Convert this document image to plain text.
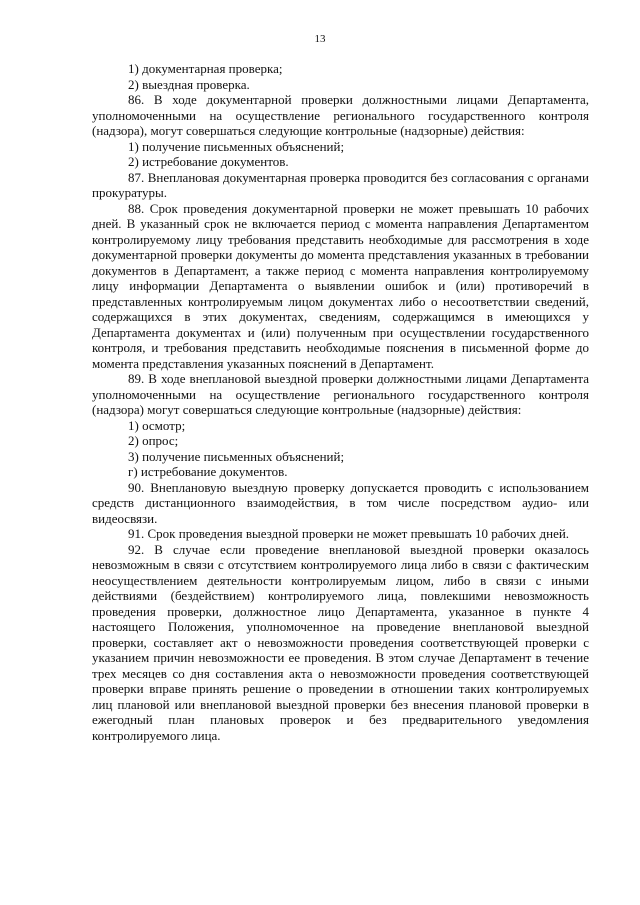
13

1) документарная проверка;

2) выездная проверка.

86. В ходе документарной проверки должностными лицами Департамента, уполномоченными на осуществление регионального государственного контроля (надзора), могут совершаться следующие контрольные (надзорные) действия:

1) получение письменных объяснений;

2) истребование документов.

87. Внеплановая документарная проверка проводится без согласования с органами прокуратуры.

88. Срок проведения документарной проверки не может превышать 10 рабочих дней. В указанный срок не включается период с момента направления Департаментом контролируемому лицу требования представить необходимые для рассмотрения в ходе документарной проверки документы до момента представления указанных в требовании документов в Департамент, а также период с момента направления контролируемому лицу информации Департамента о выявлении ошибок и (или) противоречий в представленных контролируемым лицом документах либо о несоответствии сведений, содержащихся в этих документах, сведениям, содержащимся в имеющихся у Департамента документах и (или) полученным при осуществлении государственного контроля, и требования представить необходимые пояснения в письменной форме до момента представления указанных пояснений в Департамент.

89. В ходе внеплановой выездной проверки должностными лицами Департамента уполномоченными на осуществление регионального государственного контроля (надзора) могут совершаться следующие контрольные (надзорные) действия:

1) осмотр;

2) опрос;

3) получение письменных объяснений;

г) истребование документов.

90. Внеплановую выездную проверку допускается проводить с использованием средств дистанционного взаимодействия, в том числе посредством аудио- или видеосвязи.

91. Срок проведения выездной проверки не может превышать 10 рабочих дней.

92. В случае если проведение внеплановой выездной проверки оказалось невозможным в связи с отсутствием контролируемого лица либо в связи с фактическим неосуществлением деятельности контролируемым лицом, либо в связи с иными действиями (бездействием) контролируемого лица, повлекшими невозможность проведения проверки, должностное лицо Департамента, указанное в пункте 4 настоящего Положения, уполномоченное на проведение внеплановой выездной проверки, составляет акт о невозможности проведения соответствующей проверки с указанием причин невозможности ее проведения. В этом случае Департамент в течение трех месяцев со дня составления акта о невозможности проведения соответствующей проверки вправе принять решение о проведении в отношении таких контролируемых лиц плановой или внеплановой выездной проверки без внесения плановой проверки в ежегодный план плановых проверок и без предварительного уведомления контролируемого лица.
